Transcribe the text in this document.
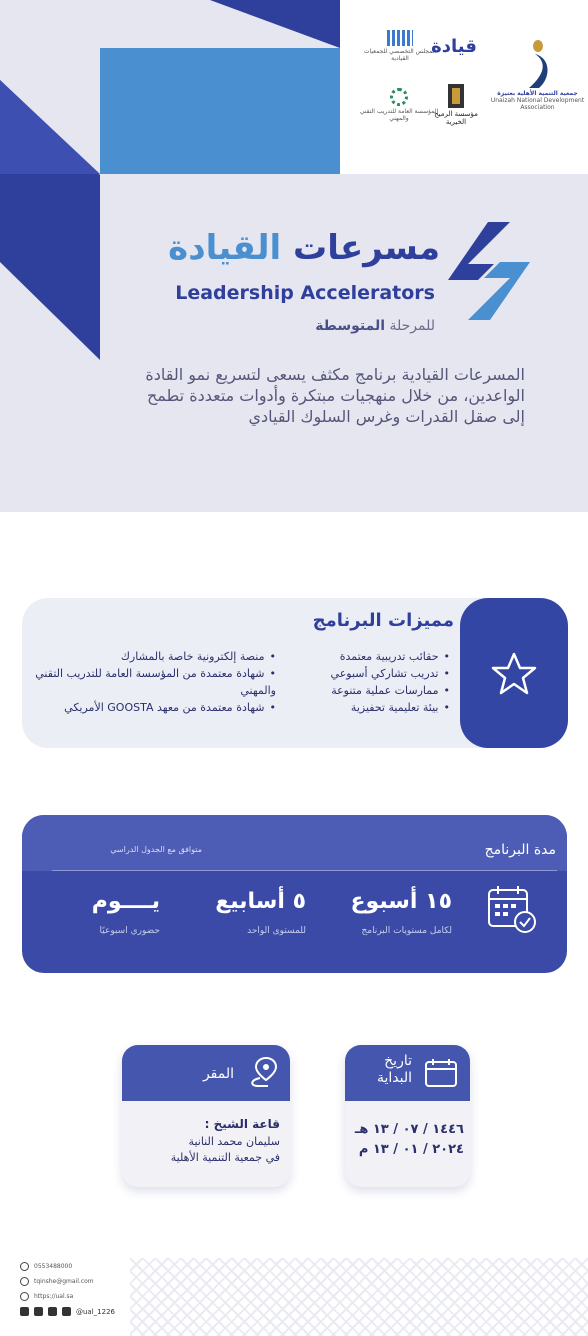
المجلس التخصصي للجمعيات القيادية
قيادة
جمعية التنمية الأهلية بعنيزة
Unaizah National Development Association
المؤسسة العامة للتدريب التقني والمهني
مؤسسة الرميح الخيرية
مسرعات القيادة
Leadership Accelerators
للمرحلة المتوسطة
المسرعات القيادية برنامج مكثف يسعى لتسريع نمو القادة الواعدين، من خلال منهجيات مبتكرة وأدوات متعددة تطمح إلى صقل القدرات وغرس السلوك القيادي
مميزات البرنامج
• حقائب تدريبية معتمدة
• تدريب تشاركي أسبوعي
• ممارسات عملية متنوعة
• بيئة تعليمية تحفيزية
• منصة إلكترونية خاصة بالمشارك
• شهادة معتمدة من المؤسسة العامة للتدريب التقني والمهني
• شهادة معتمدة من معهد GOOSTA الأمريكي
مدة البرنامج
متوافق مع الجدول الدراسي
١٥ أسبوع
لكامل مستويات البرنامج
٥ أسابيع
للمستوى الواحد
يــــوم
حضوري اسبوعيًا
تاريخ البداية
١٤٤٦ / ٠٧ / ١٣ هـ
٢٠٢٤ / ٠١ / ١٣ م
المقر
قاعة الشيخ :
سليمان محمد النانية
في جمعية التنمية الأهلية
0553488000
tqinshe@gmail.com
https://ual.sa
@ual_1226
